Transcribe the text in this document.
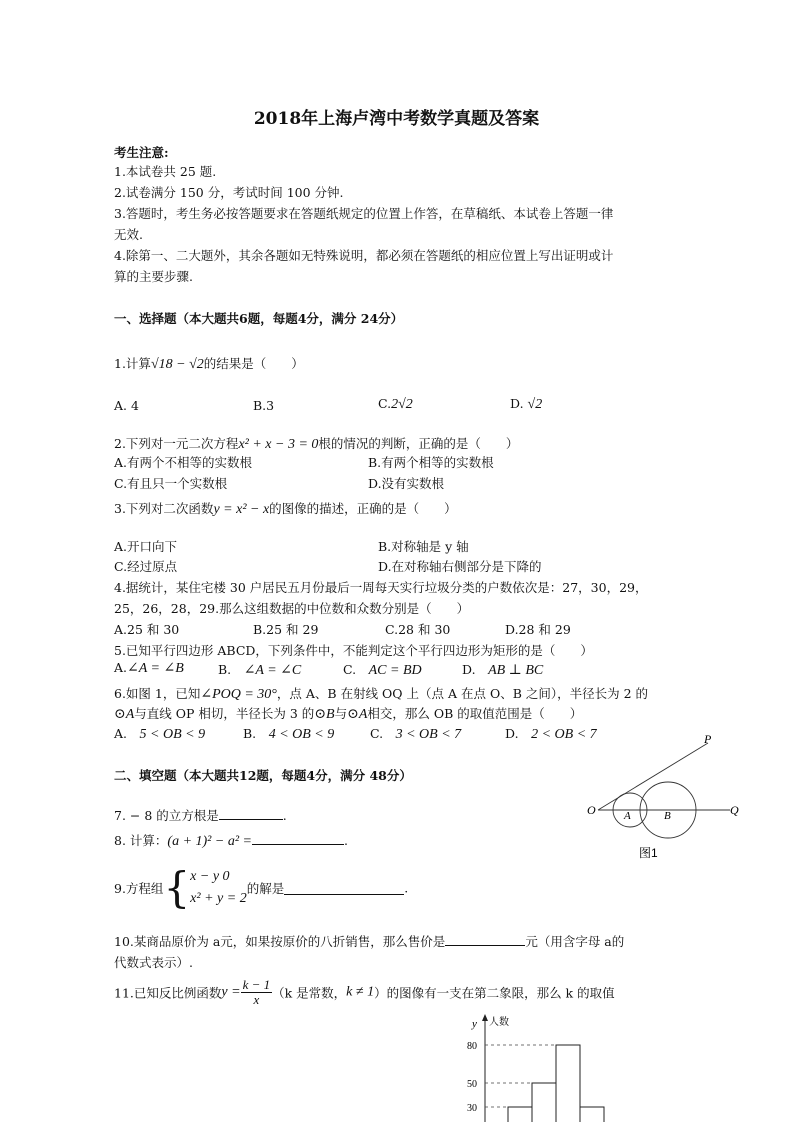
2018年上海卢湾中考数学真题及答案
考生注意:
1.本试卷共 25 题.
2.试卷满分 150 分，考试时间 100 分钟.
3.答题时，考生务必按答题要求在答题纸规定的位置上作答，在草稿纸、本试卷上答题一律
无效.
4.除第一、二大题外，其余各题如无特殊说明，都必须在答题纸的相应位置上写出证明或计
算的主要步骤.
一、选择题（本大题共6题，每题4分，满分 24分）
1.计算√18 − √2的结果是（　　）
A. 4	B.3	C.2√2	D. √2
2.下列对一元二次方程x² + x − 3 = 0根的情况的判断，正确的是（　　）
A.有两个不相等的实数根	B.有两个相等的实数根
C.有且只一个实数根	D.没有实数根
3.下列对二次函数y = x² − x的图像的描述，正确的是（　　）
A.开口向下	B.对称轴是 y 轴
C.经过原点	D.在对称轴右侧部分是下降的
4.据统计，某住宅楼 30 户居民五月份最后一周每天实行垃圾分类的户数依次是：27，30，29，
25，26，28，29.那么这组数据的中位数和众数分别是（　　）
A.25 和 30	B.25 和 29	C.28 和 30	D.28 和 29
5.已知平行四边形 ABCD，下列条件中，不能判定这个平行四边形为矩形的是（　　）
A.∠A = ∠B	B.　 ∠A = ∠C	C.　 AC = BD	D.　 AB ⊥ BC
6.如图 1，已知∠POQ = 30°，点 A、B 在射线 OQ 上（点 A 在点 O、B 之间），半径长为 2 的
⊙A与直线 OP 相切，半径长为 3 的⊙B与⊙A相交，那么 OB 的取值范围是（　　）
A.　 5 < OB < 9	B.　 4 < OB < 9	C.　 3 < OB < 7	D.　 2 < OB < 7
二、填空题（本大题共12题，每题4分，满分 48分）
7. − 8 的立方根是	.
8. 计算：(a + 1)² − a² =	.
9.方程组{ x − y 0
x² + y = 2
的解是	.
10.某商品原价为 a元，如果按原价的八折销售，那么售价是	元（用含字母 a的
代数式表示）.
11.已知反比例函数$y = \frac{k - 1}{x} (k$ 是常数，k ≠ 1）的图像有一支在第二象限，那么 k 的取值
P
O	A	B	Q
图1
y 人数
80
50
30
